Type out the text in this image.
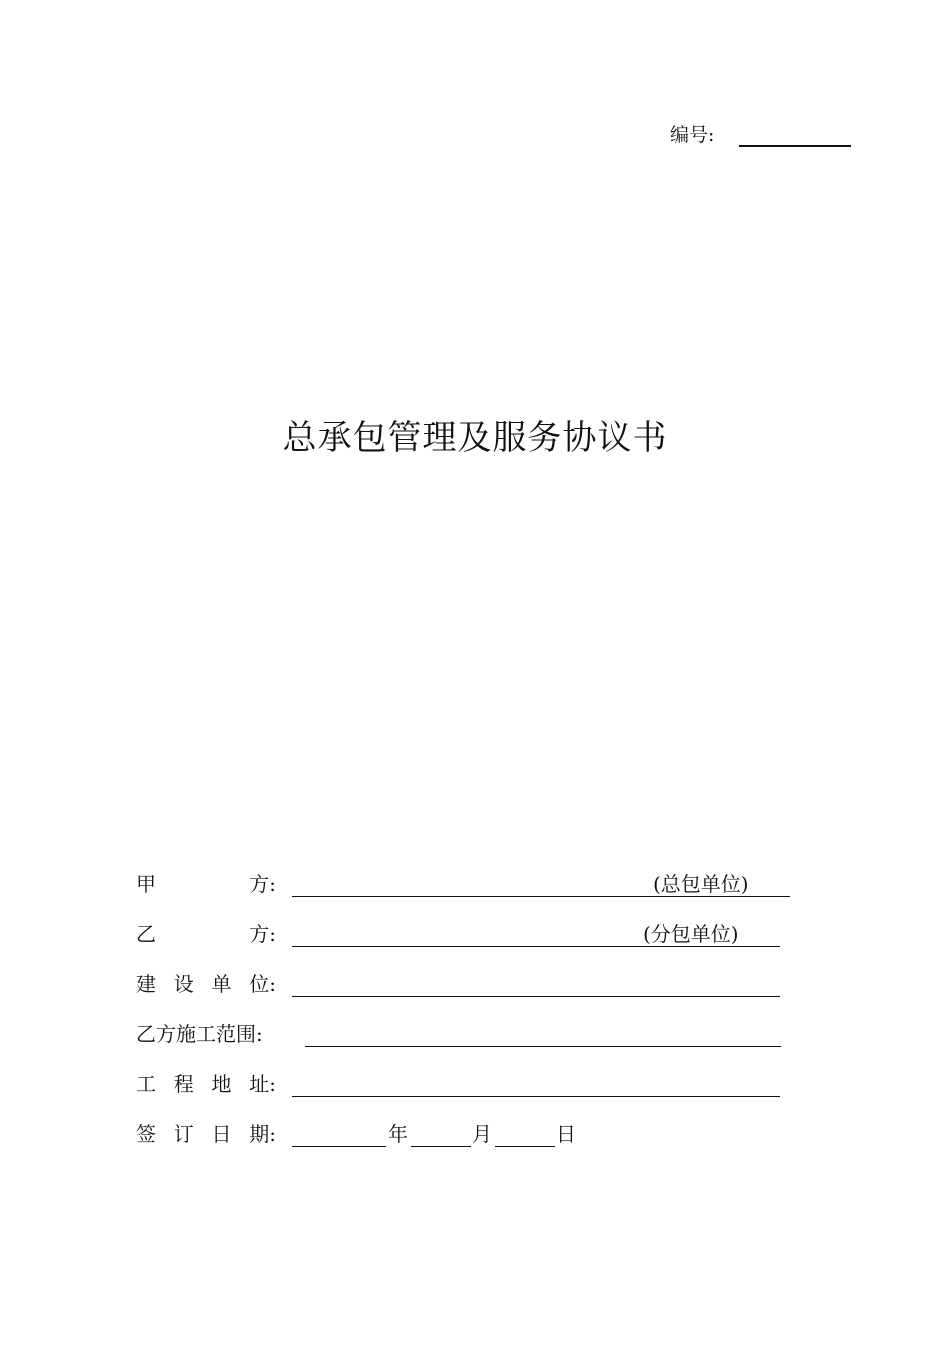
编号:
总承包管理及服务协议书
甲	方:	(总包单位)
乙	方:	(分包单位)
建 设 单 位:
乙方施工范围:
工 程 地 址:
签 订 日 期:	年	月	日
